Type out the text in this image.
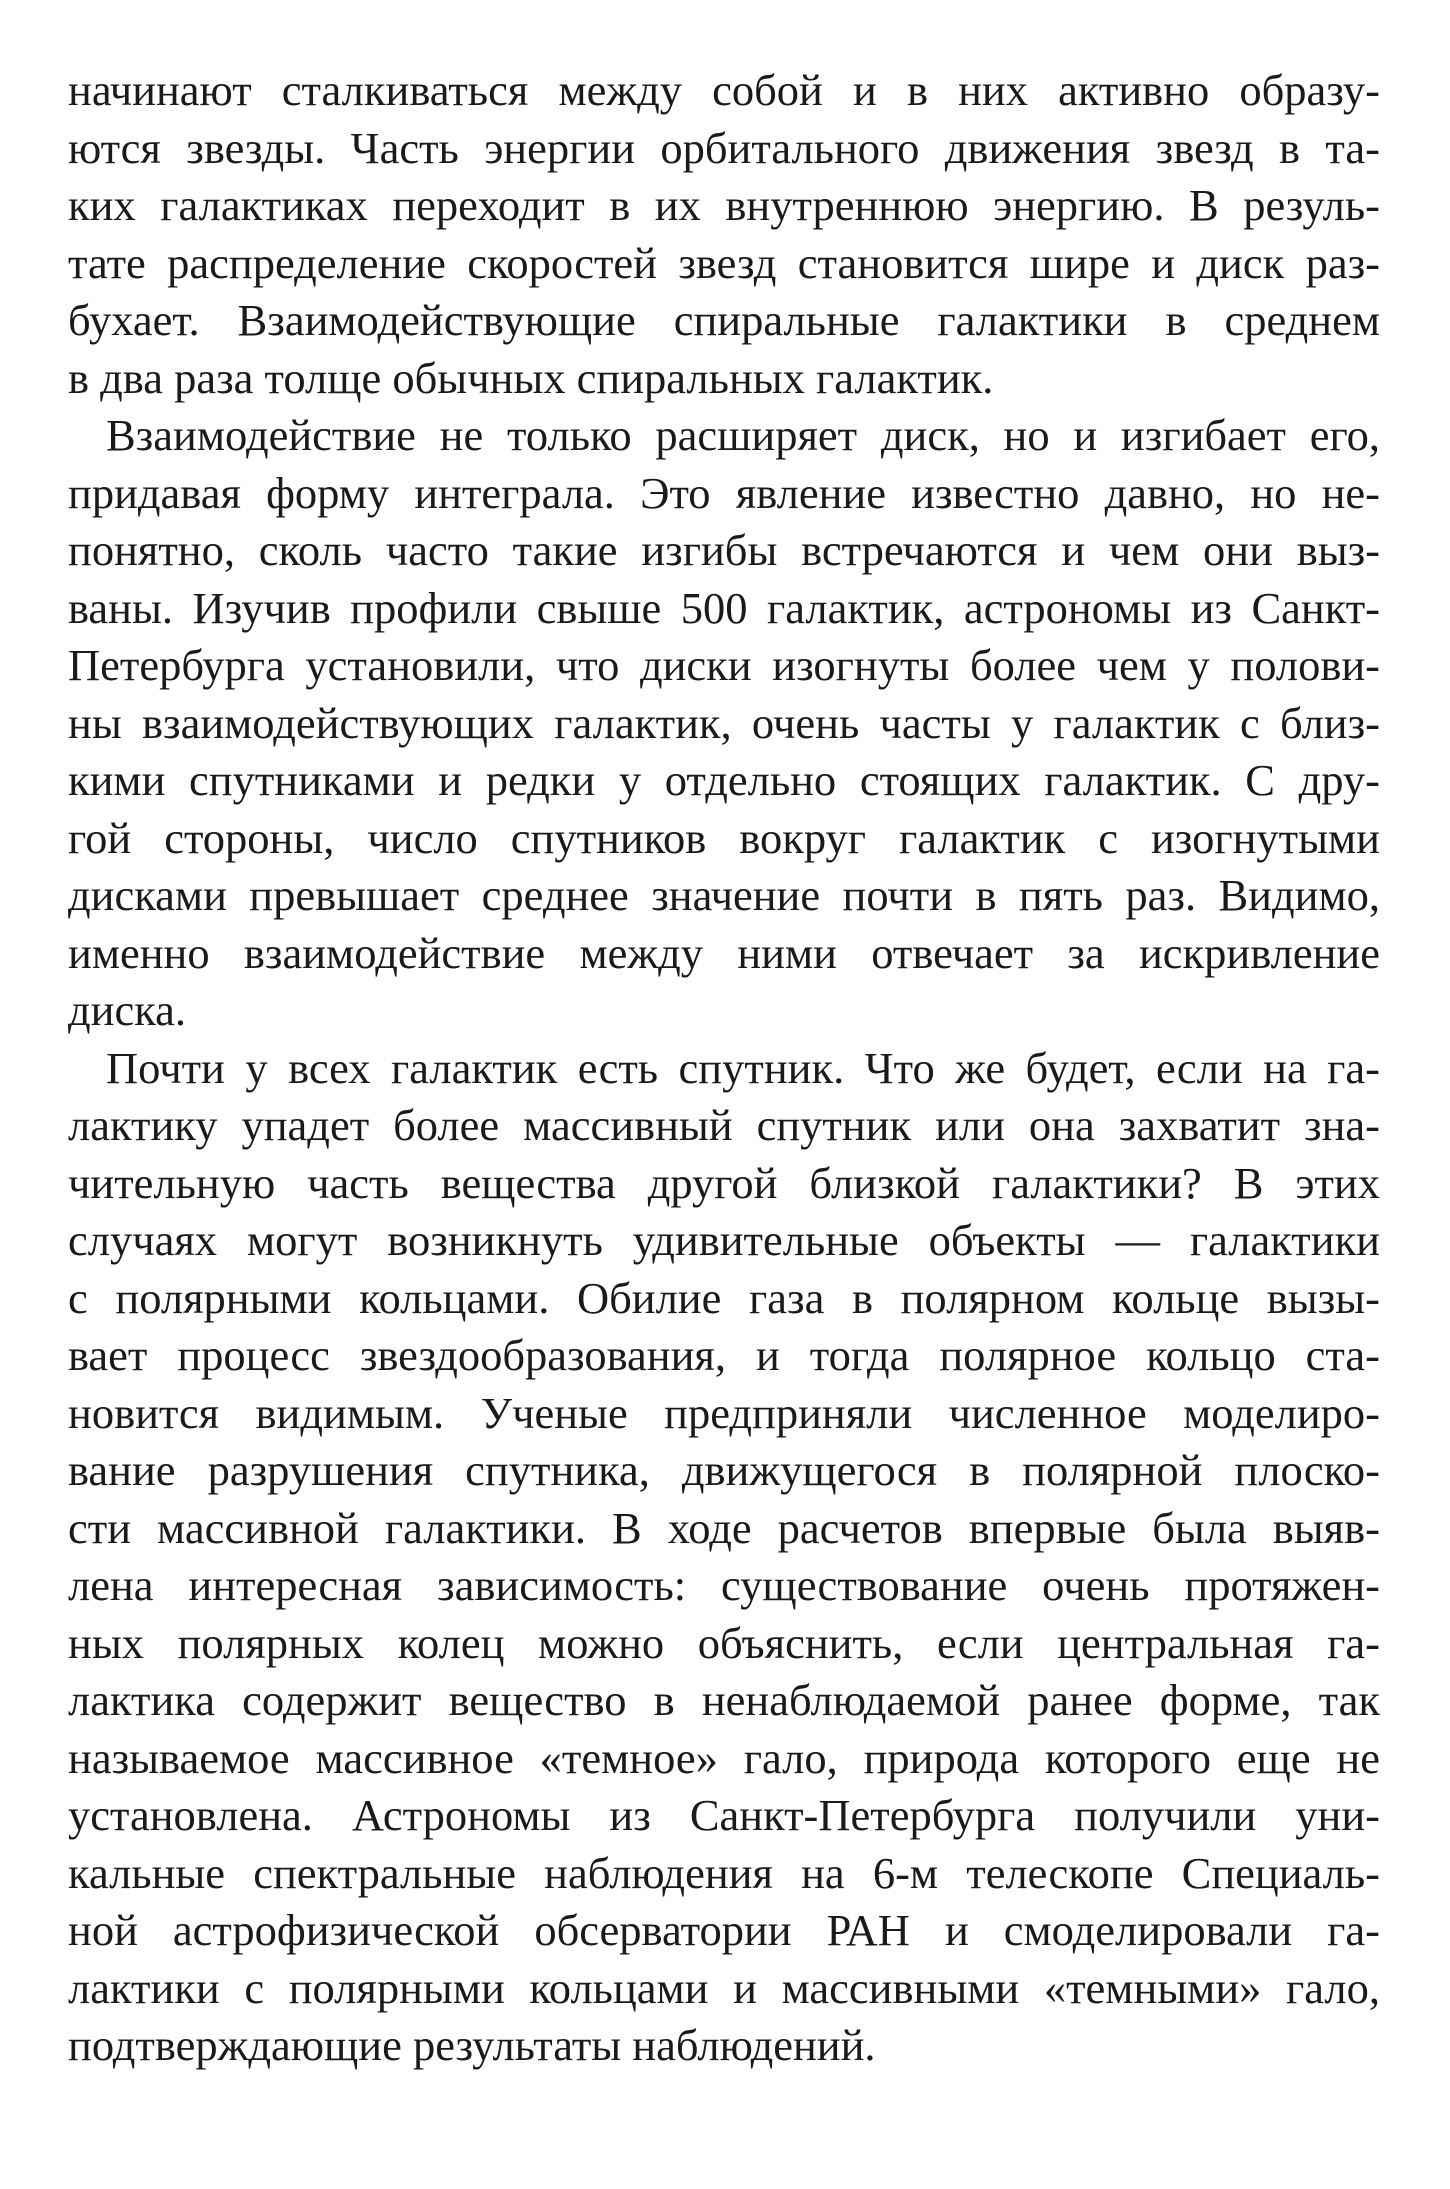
начинают сталкиваться между собой и в них активно образу-
ются звезды. Часть энергии орбитального движения звезд в та-
ких галактиках переходит в их внутреннюю энергию. В резуль-
тате распределение скоростей звезд становится шире и диск раз-
бухает. Взаимодействующие спиральные галактики в среднем
в два раза толще обычных спиральных галактик.
Взаимодействие не только расширяет диск, но и изгибает его,
придавая форму интеграла. Это явление известно давно, но не-
понятно, сколь часто такие изгибы встречаются и чем они выз-
ваны. Изучив профили свыше 500 галактик, астрономы из Санкт-
Петербурга установили, что диски изогнуты более чем у полови-
ны взаимодействующих галактик, очень часты у галактик с близ-
кими спутниками и редки у отдельно стоящих галактик. С дру-
гой стороны, число спутников вокруг галактик с изогнутыми
дисками превышает среднее значение почти в пять раз. Видимо,
именно взаимодействие между ними отвечает за искривление
диска.
Почти у всех галактик есть спутник. Что же будет, если на га-
лактику упадет более массивный спутник или она захватит зна-
чительную часть вещества другой близкой галактики? В этих
случаях могут возникнуть удивительные объекты — галактики
с полярными кольцами. Обилие газа в полярном кольце вызы-
вает процесс звездообразования, и тогда полярное кольцо ста-
новится видимым. Ученые предприняли численное моделиро-
вание разрушения спутника, движущегося в полярной плоско-
сти массивной галактики. В ходе расчетов впервые была выяв-
лена интересная зависимость: существование очень протяжен-
ных полярных колец можно объяснить, если центральная га-
лактика содержит вещество в ненаблюдаемой ранее форме, так
называемое массивное «темное» гало, природа которого еще не
установлена. Астрономы из Санкт-Петербурга получили уни-
кальные спектральные наблюдения на 6-м телескопе Специаль-
ной астрофизической обсерватории РАН и смоделировали га-
лактики с полярными кольцами и массивными «темными» гало,
подтверждающие результаты наблюдений.
